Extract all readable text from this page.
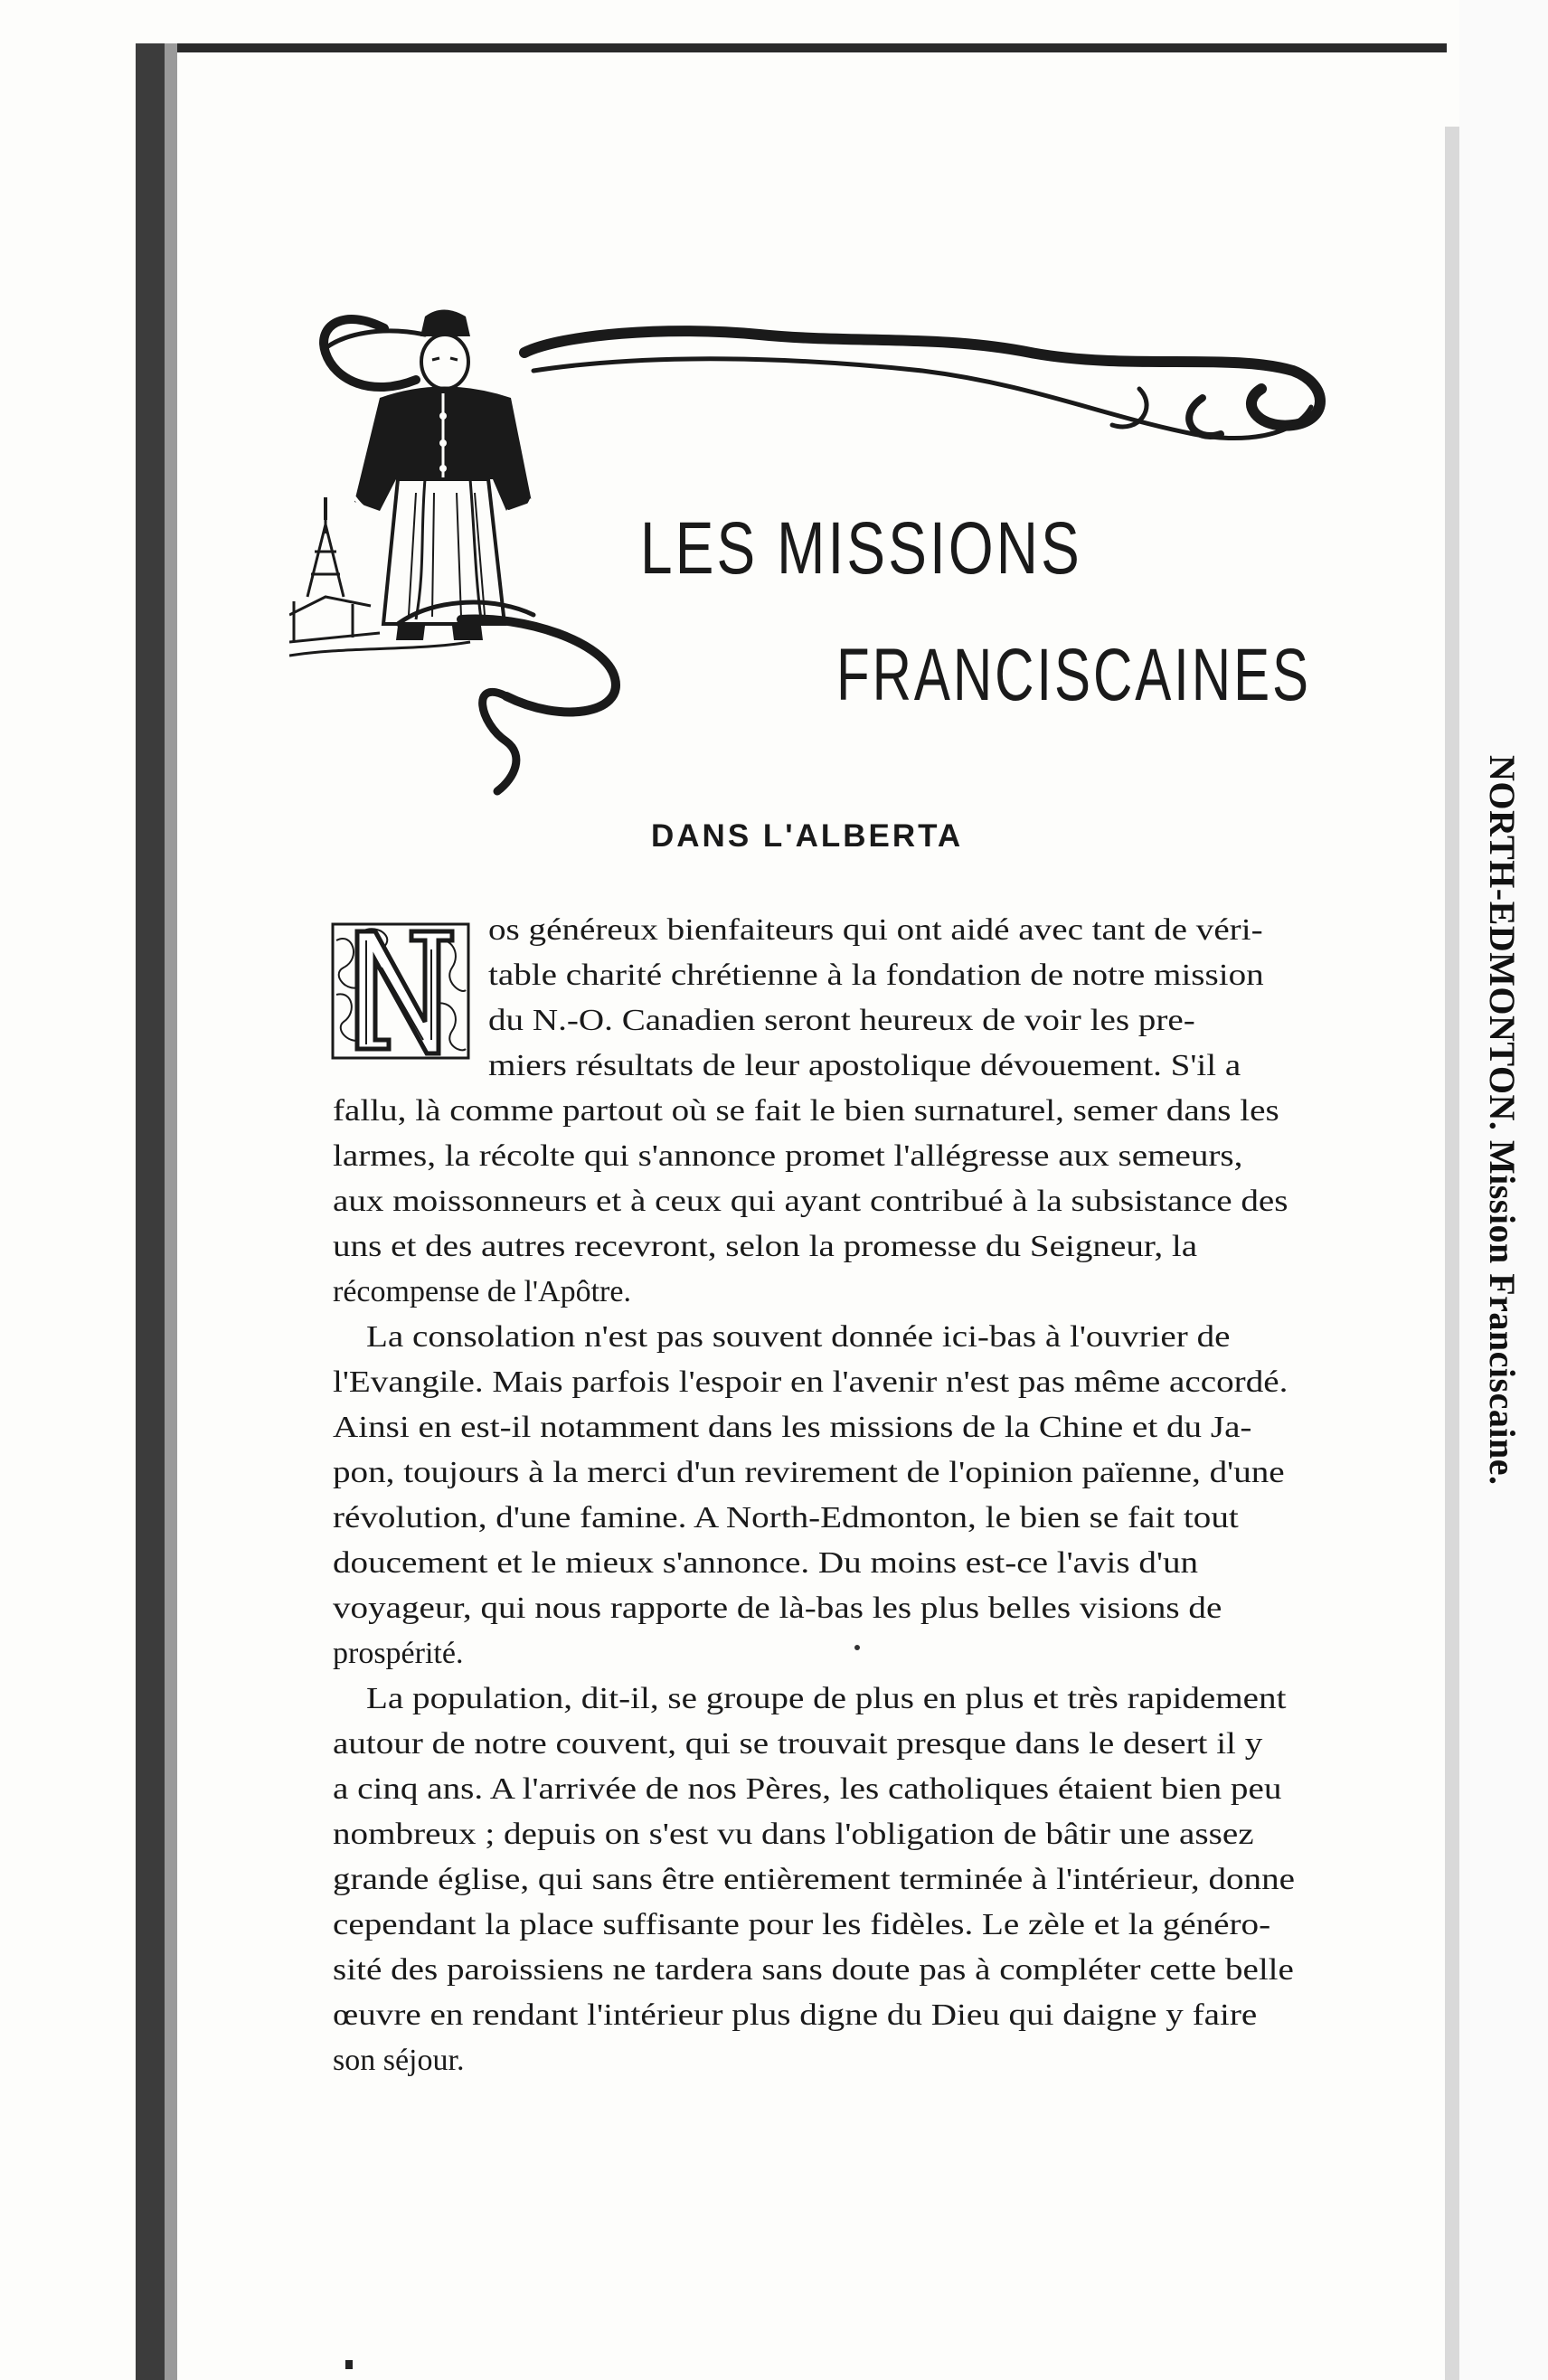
NORTH-EDMONTON. Mission Franciscaine.
LES MISSIONS
FRANCISCAINES
DANS L'ALBERTA
os généreux bienfaiteurs qui ont aidé avec tant de véri-
table charité chrétienne à la fondation de notre mission
du N.-O. Canadien seront heureux de voir les pre-
miers résultats de leur apostolique dévouement. S'il a
fallu, là comme partout où se fait le bien surnaturel, semer dans les
larmes, la récolte qui s'annonce promet l'allégresse aux semeurs,
aux moissonneurs et à ceux qui ayant contribué à la subsistance des
uns et des autres recevront, selon la promesse du Seigneur, la
récompense de l'Apôtre.
La consolation n'est pas souvent donnée ici-bas à l'ouvrier de
l'Evangile. Mais parfois l'espoir en l'avenir n'est pas même accordé.
Ainsi en est-il notamment dans les missions de la Chine et du Ja-
pon, toujours à la merci d'un revirement de l'opinion païenne, d'une
révolution, d'une famine. A North-Edmonton, le bien se fait tout
doucement et le mieux s'annonce. Du moins est-ce l'avis d'un
voyageur, qui nous rapporte de là-bas les plus belles visions de
prospérité.
La population, dit-il, se groupe de plus en plus et très rapidement
autour de notre couvent, qui se trouvait presque dans le desert il y
a cinq ans. A l'arrivée de nos Pères, les catholiques étaient bien peu
nombreux ; depuis on s'est vu dans l'obligation de bâtir une assez
grande église, qui sans être entièrement terminée à l'intérieur, donne
cependant la place suffisante pour les fidèles. Le zèle et la généro-
sité des paroissiens ne tardera sans doute pas à compléter cette belle
œuvre en rendant l'intérieur plus digne du Dieu qui daigne y faire
son séjour.
